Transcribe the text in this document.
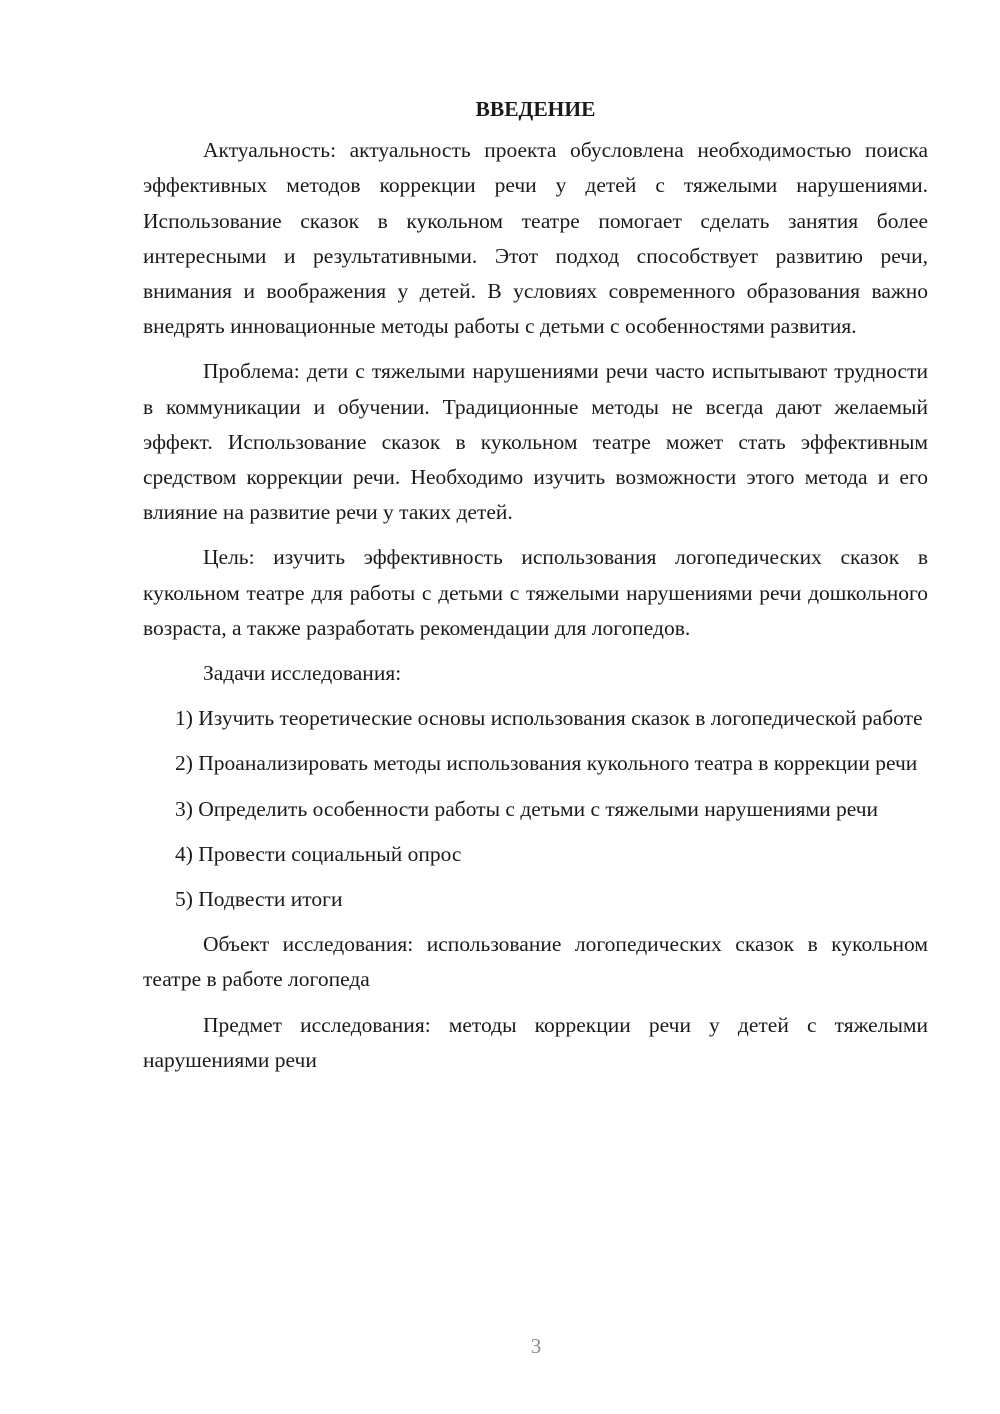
ВВЕДЕНИЕ

Актуальность: актуальность проекта обусловлена необходимостью поиска эффективных методов коррекции речи у детей с тяжелыми нарушениями. Использование сказок в кукольном театре помогает сделать занятия более интересными и результативными. Этот подход способствует развитию речи, внимания и воображения у детей. В условиях современного образования важно внедрять инновационные методы работы с детьми с особенностями развития.

Проблема: дети с тяжелыми нарушениями речи часто испытывают трудности в коммуникации и обучении. Традиционные методы не всегда дают желаемый эффект. Использование сказок в кукольном театре может стать эффективным средством коррекции речи. Необходимо изучить возможности этого метода и его влияние на развитие речи у таких детей.

Цель: изучить эффективность использования логопедических сказок в кукольном театре для работы с детьми с тяжелыми нарушениями речи дошкольного возраста, а также разработать рекомендации для логопедов.

Задачи исследования:

1) Изучить теоретические основы использования сказок в логопедической работе

2) Проанализировать методы использования кукольного театра в коррекции речи

3) Определить особенности работы с детьми с тяжелыми нарушениями речи

4) Провести социальный опрос

5) Подвести итоги

Объект исследования: использование логопедических сказок в кукольном театре в работе логопеда

Предмет исследования: методы коррекции речи у детей с тяжелыми нарушениями речи

3
